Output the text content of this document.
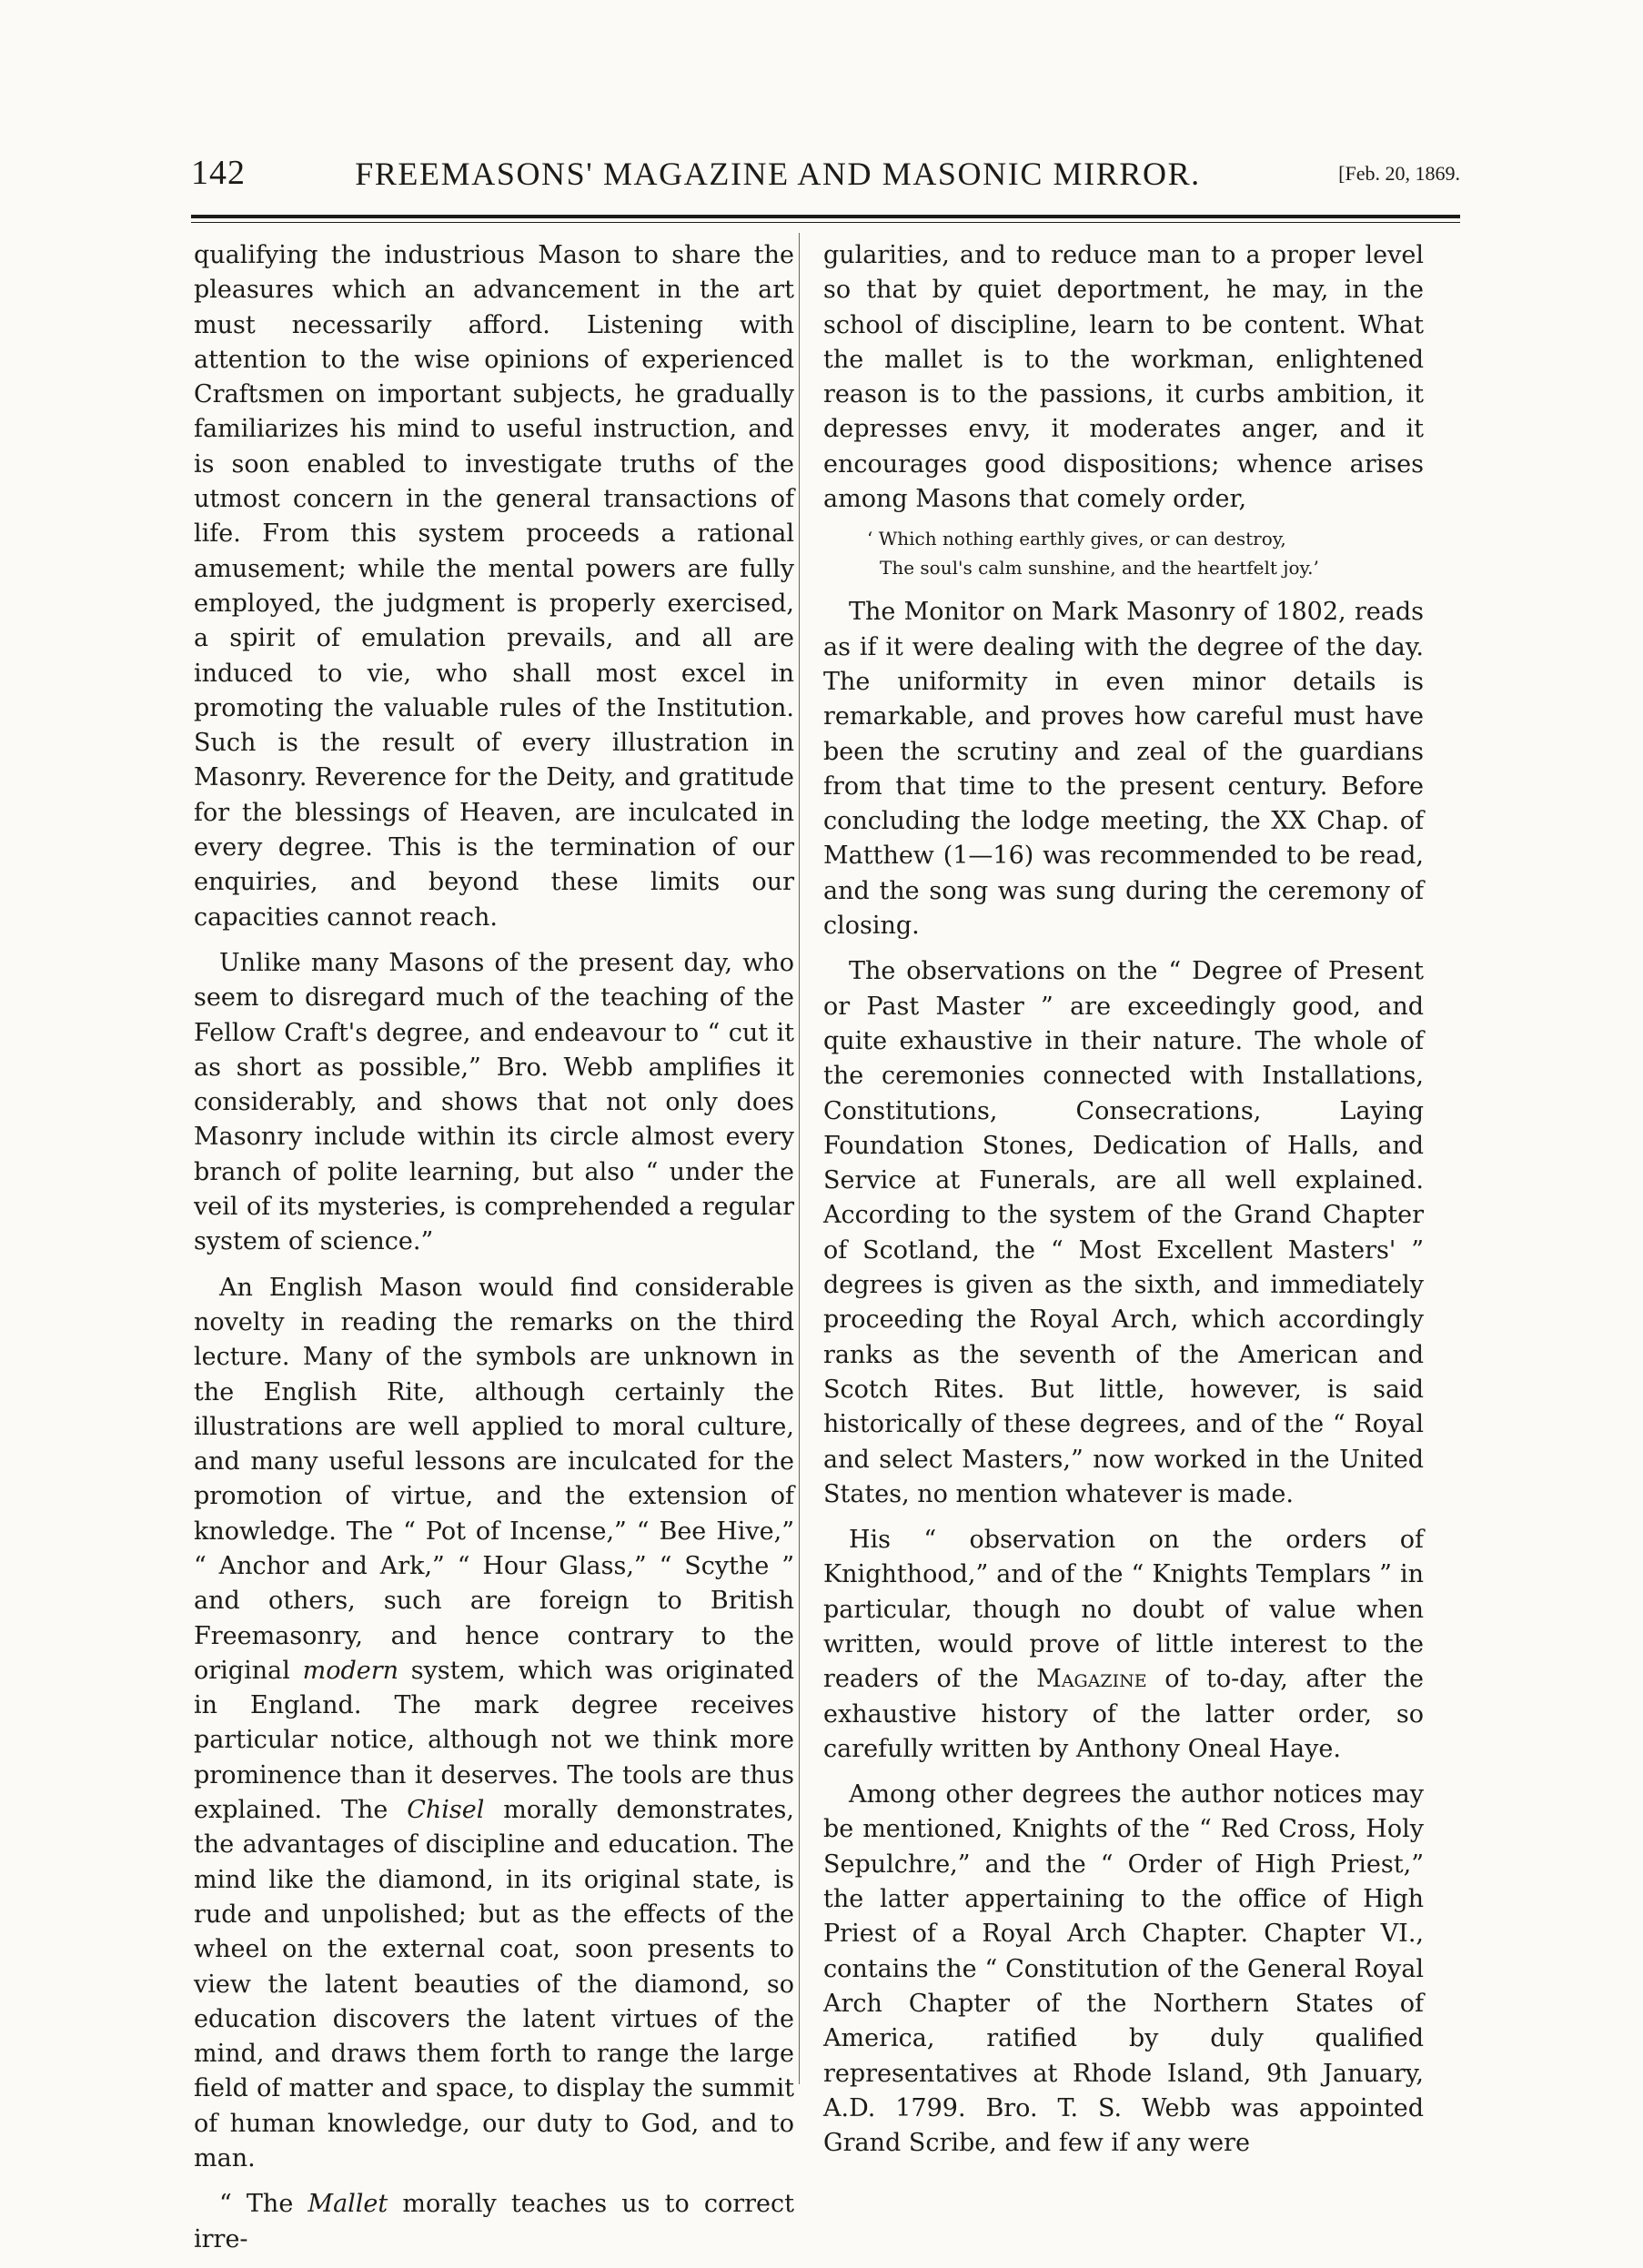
142	FREEMASONS' MAGAZINE AND MASONIC MIRROR.	[Feb. 20, 1869.

qualifying the industrious Mason to share the pleasures which an advancement in the art must necessarily afford. Listening with attention to the wise opinions of experienced Craftsmen on important subjects, he gradually familiarizes his mind to useful instruction, and is soon enabled to investigate truths of the utmost concern in the general transactions of life. From this system proceeds a rational amusement; while the mental powers are fully employed, the judgment is properly exercised, a spirit of emulation prevails, and all are induced to vie, who shall most excel in promoting the valuable rules of the Institution. Such is the result of every illustration in Masonry. Reverence for the Deity, and gratitude for the blessings of Heaven, are inculcated in every degree. This is the termination of our enquiries, and beyond these limits our capacities cannot reach.

Unlike many Masons of the present day, who seem to disregard much of the teaching of the Fellow Craft's degree, and endeavour to “ cut it as short as possible,” Bro. Webb amplifies it considerably, and shows that not only does Masonry include within its circle almost every branch of polite learning, but also “ under the veil of its mysteries, is comprehended a regular system of science.”

An English Mason would find considerable novelty in reading the remarks on the third lecture. Many of the symbols are unknown in the English Rite, although certainly the illustrations are well applied to moral culture, and many useful lessons are inculcated for the promotion of virtue, and the extension of knowledge. The “ Pot of Incense,” “ Bee Hive,” “ Anchor and Ark,” “ Hour Glass,” “ Scythe ” and others, such are foreign to British Freemasonry, and hence contrary to the original modern system, which was originated in England. The mark degree receives particular notice, although not we think more prominence than it deserves. The tools are thus explained. The Chisel morally demonstrates, the advantages of discipline and education. The mind like the diamond, in its original state, is rude and unpolished; but as the effects of the wheel on the external coat, soon presents to view the latent beauties of the diamond, so education discovers the latent virtues of the mind, and draws them forth to range the large field of matter and space, to display the summit of human knowledge, our duty to God, and to man.

“ The Mallet morally teaches us to correct irre-

gularities, and to reduce man to a proper level so that by quiet deportment, he may, in the school of discipline, learn to be content. What the mallet is to the workman, enlightened reason is to the passions, it curbs ambition, it depresses envy, it moderates anger, and it encourages good dispositions; whence arises among Masons that comely order,

‘ Which nothing earthly gives, or can destroy,
The soul's calm sunshine, and the heartfelt joy.’

The Monitor on Mark Masonry of 1802, reads as if it were dealing with the degree of the day. The uniformity in even minor details is remarkable, and proves how careful must have been the scrutiny and zeal of the guardians from that time to the present century. Before concluding the lodge meeting, the XX Chap. of Matthew (1—16) was recommended to be read, and the song was sung during the ceremony of closing.

The observations on the “ Degree of Present or Past Master ” are exceedingly good, and quite exhaustive in their nature. The whole of the ceremonies connected with Installations, Constitutions, Consecrations, Laying Foundation Stones, Dedication of Halls, and Service at Funerals, are all well explained. According to the system of the Grand Chapter of Scotland, the “ Most Excellent Masters' ” degrees is given as the sixth, and immediately proceeding the Royal Arch, which accordingly ranks as the seventh of the American and Scotch Rites. But little, however, is said historically of these degrees, and of the “ Royal and select Masters,” now worked in the United States, no mention whatever is made.

His “ observation on the orders of Knighthood,” and of the “ Knights Templars ” in particular, though no doubt of value when written, would prove of little interest to the readers of the Magazine of to-day, after the exhaustive history of the latter order, so carefully written by Anthony Oneal Haye.

Among other degrees the author notices may be mentioned, Knights of the “ Red Cross, Holy Sepulchre,” and the “ Order of High Priest,” the latter appertaining to the office of High Priest of a Royal Arch Chapter. Chapter VI., contains the “ Constitution of the General Royal Arch Chapter of the Northern States of America, ratified by duly qualified representatives at Rhode Island, 9th January, A.D. 1799. Bro. T. S. Webb was appointed Grand Scribe, and few if any were
